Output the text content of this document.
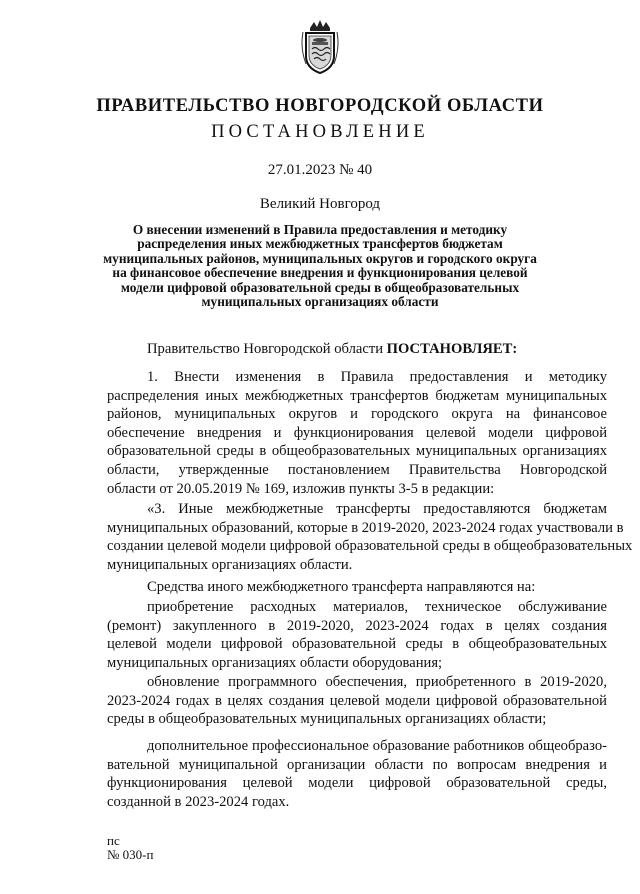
ПРАВИТЕЛЬСТВО НОВГОРОДСКОЙ ОБЛАСТИ
ПОСТАНОВЛЕНИЕ
27.01.2023 № 40
Великий Новгород
О внесении изменений в Правила предоставления и методику
распределения иных межбюджетных трансфертов бюджетам
муниципальных районов, муниципальных округов и городского округа
на финансовое обеспечение внедрения и функционирования целевой
модели цифровой образовательной среды в общеобразовательных
муниципальных организациях области
Правительство Новгородской области ПОСТАНОВЛЯЕТ:
1. Внести изменения в Правила предоставления и методику
распределения иных межбюджетных трансфертов бюджетам муниципальных
районов, муниципальных округов и городского округа на финансовое
обеспечение внедрения и функционирования целевой модели цифровой
образовательной среды в общеобразовательных муниципальных организациях
области, утвержденные постановлением Правительства Новгородской
области от 20.05.2019 № 169, изложив пункты 3-5 в редакции:
«3. Иные межбюджетные трансферты предоставляются бюджетам
муниципальных образований, которые в 2019-2020, 2023-2024 годах участвовали в
создании целевой модели цифровой образовательной среды в общеобразовательных
муниципальных организациях области.
Средства иного межбюджетного трансферта направляются на:
приобретение расходных материалов, техническое обслуживание
(ремонт) закупленного в 2019-2020, 2023-2024 годах в целях создания
целевой модели цифровой образовательной среды в общеобразовательных
муниципальных организациях области оборудования;
обновление программного обеспечения, приобретенного в 2019-2020,
2023-2024 годах в целях создания целевой модели цифровой образовательной
среды в общеобразовательных муниципальных организациях области;
дополнительное профессиональное образование работников общеобразо-
вательной муниципальной организации области по вопросам внедрения и
функционирования целевой модели цифровой образовательной среды,
созданной в 2023-2024 годах.
пс
№ 030-п
